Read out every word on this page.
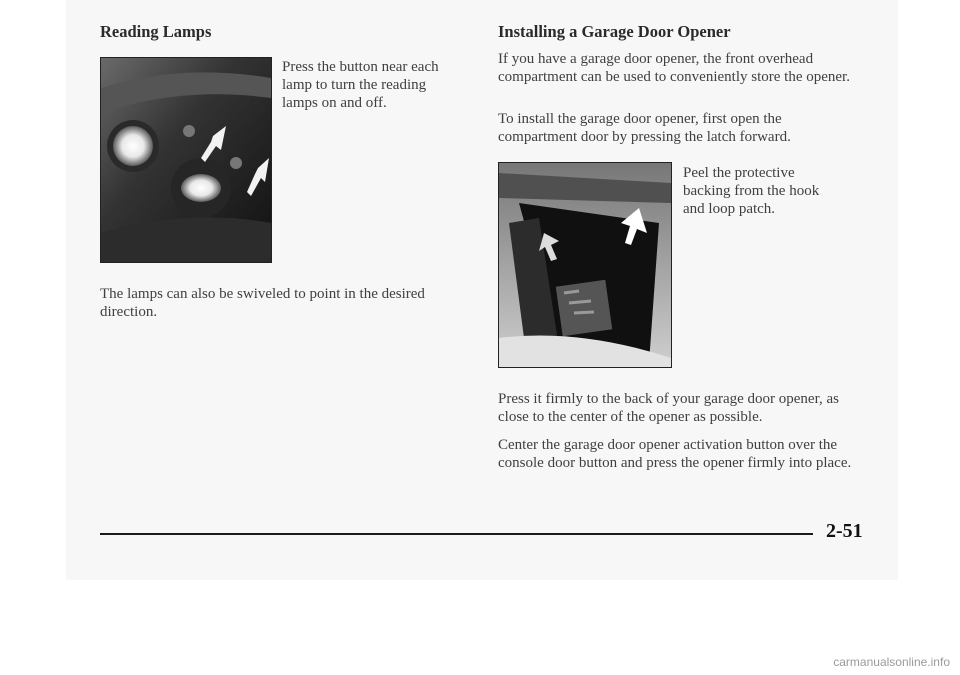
Reading Lamps

Press the button near each lamp to turn the reading lamps on and off.

The lamps can also be swiveled to point in the desired direction.

Installing a Garage Door Opener

If you have a garage door opener, the front overhead compartment can be used to conveniently store the opener.

To install the garage door opener, first open the compartment door by pressing the latch forward.

Peel the protective backing from the hook and loop patch.

Press it firmly to the back of your garage door opener, as close to the center of the opener as possible.

Center the garage door opener activation button over the console door button and press the opener firmly into place.

2-51
carmanualsonline.info
